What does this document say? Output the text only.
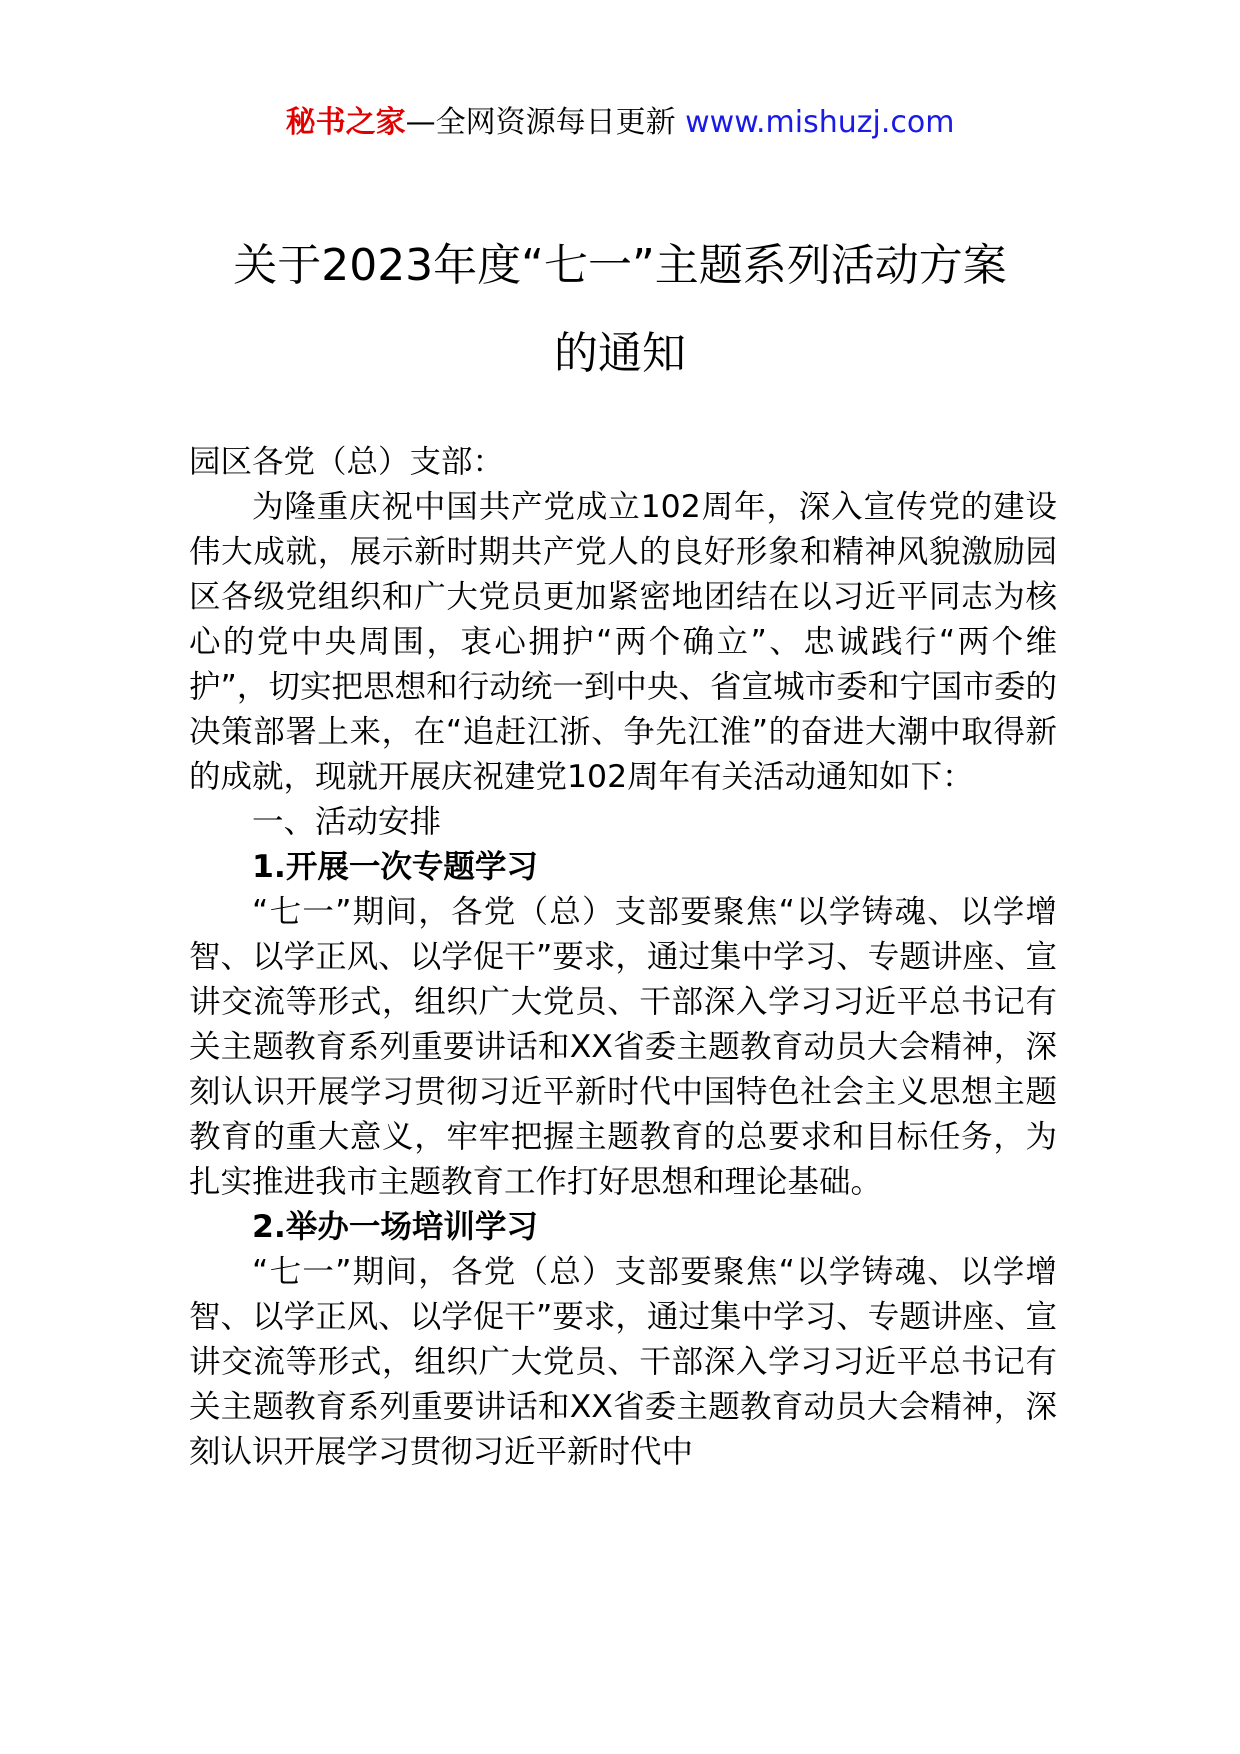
秘书之家—全网资源每日更新 www.mishuzj.com
关于2023年度“七一”主题系列活动方案
的通知

园区各党（总）支部：

为隆重庆祝中国共产党成立102周年，深入宣传党的建设伟大成就，展示新时期共产党人的良好形象和精神风貌激励园区各级党组织和广大党员更加紧密地团结在以习近平同志为核心的党中央周围，衷心拥护“两个确立”、忠诚践行“两个维护”，切实把思想和行动统一到中央、省宣城市委和宁国市委的决策部署上来，在“追赶江浙、争先江淮”的奋进大潮中取得新的成就，现就开展庆祝建党102周年有关活动通知如下：

一、活动安排

1.开展一次专题学习

“七一”期间，各党（总）支部要聚焦“以学铸魂、以学增智、以学正风、以学促干”要求，通过集中学习、专题讲座、宣讲交流等形式，组织广大党员、干部深入学习习近平总书记有关主题教育系列重要讲话和XX省委主题教育动员大会精神，深刻认识开展学习贯彻习近平新时代中国特色社会主义思想主题教育的重大意义，牢牢把握主题教育的总要求和目标任务，为扎实推进我市主题教育工作打好思想和理论基础。

2.举办一场培训学习

“七一”期间，各党（总）支部要聚焦“以学铸魂、以学增智、以学正风、以学促干”要求，通过集中学习、专题讲座、宣讲交流等形式，组织广大党员、干部深入学习习近平总书记有关主题教育系列重要讲话和XX省委主题教育动员大会精神，深刻认识开展学习贯彻习近平新时代中
